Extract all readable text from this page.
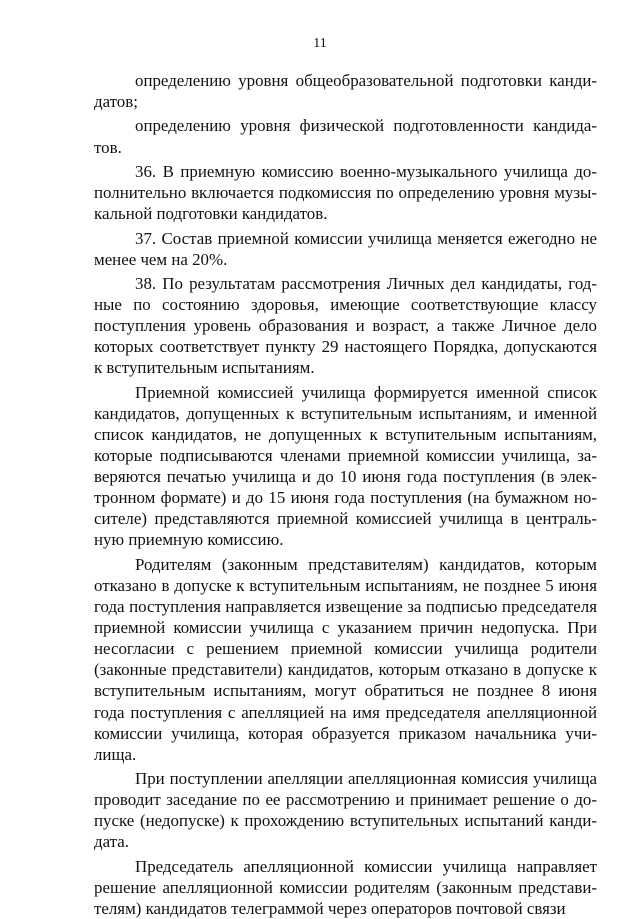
11

определению уровня общеобразовательной подготовки кандидатов;

определению уровня физической подготовленности кандидатов.

36. В приемную комиссию военно-музыкального училища дополнительно включается подкомиссия по определению уровня музыкальной подготовки кандидатов.

37. Состав приемной комиссии училища меняется ежегодно не менее чем на 20%.

38. По результатам рассмотрения Личных дел кандидаты, годные по состоянию здоровья, имеющие соответствующие классу поступления уровень образования и возраст, а также Личное дело которых соответствует пункту 29 настоящего Порядка, допускаются к вступительным испытаниям.

Приемной комиссией училища формируется именной список кандидатов, допущенных к вступительным испытаниям, и именной список кандидатов, не допущенных к вступительным испытаниям, которые подписываются членами приемной комиссии училища, заверяются печатью училища и до 10 июня года поступления (в электронном формате) и до 15 июня года поступления (на бумажном носителе) представляются приемной комиссией училища в центральную приемную комиссию.

Родителям (законным представителям) кандидатов, которым отказано в допуске к вступительным испытаниям, не позднее 5 июня года поступления направляется извещение за подписью председателя приемной комиссии училища с указанием причин недопуска. При несогласии с решением приемной комиссии училища родители (законные представители) кандидатов, которым отказано в допуске к вступительным испытаниям, могут обратиться не позднее 8 июня года поступления с апелляцией на имя председателя апелляционной комиссии училища, которая образуется приказом начальника училища.

При поступлении апелляции апелляционная комиссия училища проводит заседание по ее рассмотрению и принимает решение о допуске (недопуске) к прохождению вступительных испытаний кандидата.

Председатель апелляционной комиссии училища направляет решение апелляционной комиссии родителям (законным представителям) кандидатов телеграммой через операторов почтовой связи
